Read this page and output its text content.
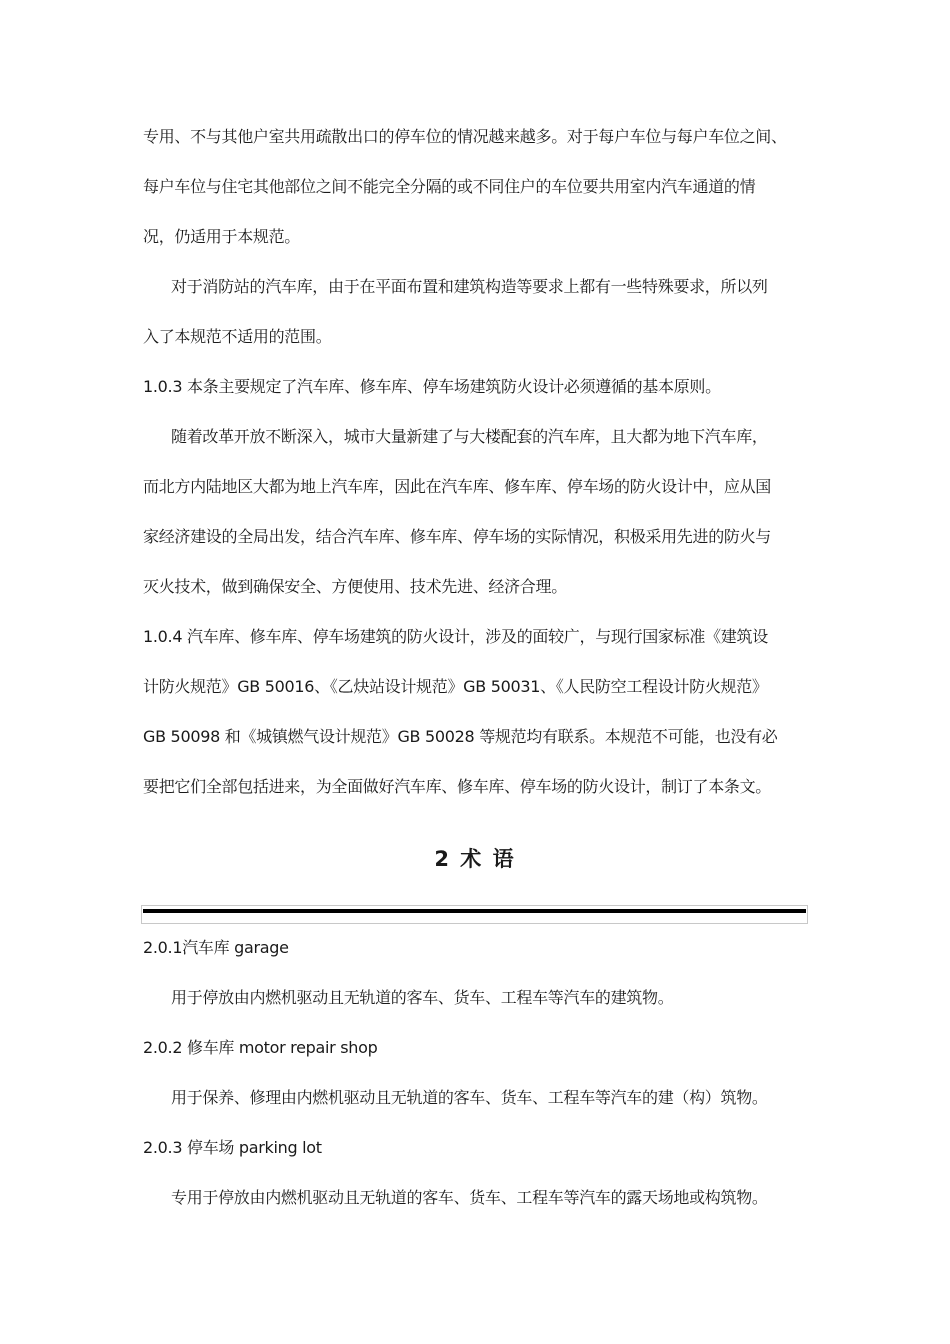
专用、不与其他户室共用疏散出口的停车位的情况越来越多。对于每户车位与每户车位之间、
每户车位与住宅其他部位之间不能完全分隔的或不同住户的车位要共用室内汽车通道的情
况，仍适用于本规范。
对于消防站的汽车库，由于在平面布置和建筑构造等要求上都有一些特殊要求，所以列
入了本规范不适用的范围。
1.0.3 本条主要规定了汽车库、修车库、停车场建筑防火设计必须遵循的基本原则。
随着改革开放不断深入，城市大量新建了与大楼配套的汽车库，且大都为地下汽车库，
而北方内陆地区大都为地上汽车库，因此在汽车库、修车库、停车场的防火设计中，应从国
家经济建设的全局出发，结合汽车库、修车库、停车场的实际情况，积极采用先进的防火与
灭火技术，做到确保安全、方便使用、技术先进、经济合理。
1.0.4 汽车库、修车库、停车场建筑的防火设计，涉及的面较广，与现行国家标准《建筑设
计防火规范》GB 50016、《乙炔站设计规范》GB 50031、《人民防空工程设计防火规范》
GB 50098 和《城镇燃气设计规范》GB 50028 等规范均有联系。本规范不可能，也没有必
要把它们全部包括进来，为全面做好汽车库、修车库、停车场的防火设计，制订了本条文。
2 术 语
2.0.1汽车库 garage
用于停放由内燃机驱动且无轨道的客车、货车、工程车等汽车的建筑物。
2.0.2 修车库 motor repair shop
用于保养、修理由内燃机驱动且无轨道的客车、货车、工程车等汽车的建（构）筑物。
2.0.3 停车场 parking lot
专用于停放由内燃机驱动且无轨道的客车、货车、工程车等汽车的露天场地或构筑物。
